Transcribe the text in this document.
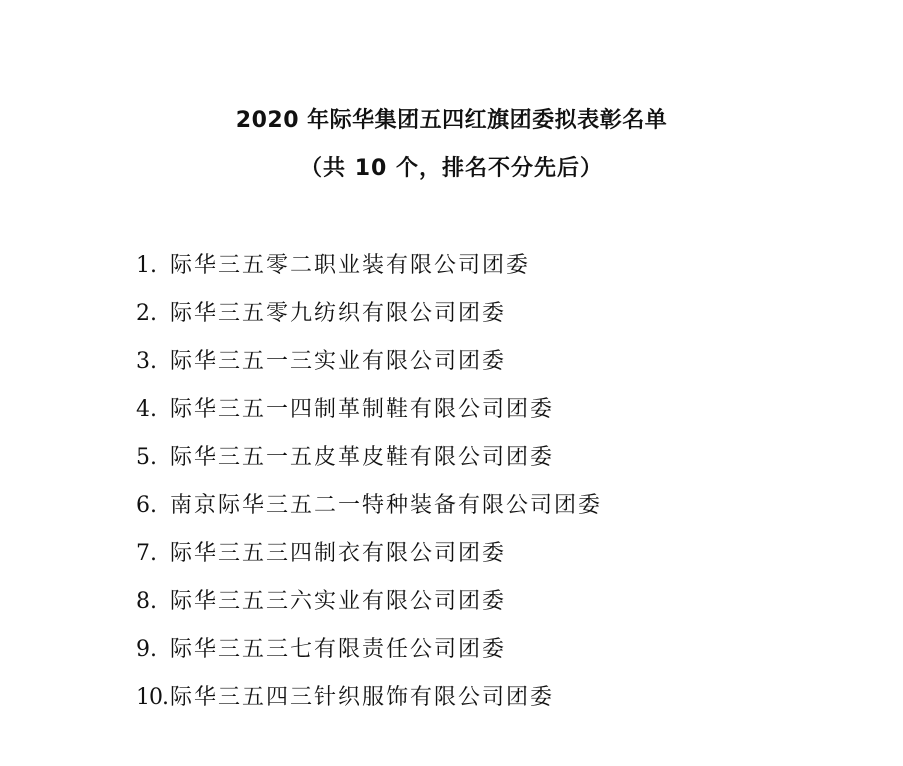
2020 年际华集团五四红旗团委拟表彰名单
（共 10 个，排名不分先后）
1. 际华三五零二职业装有限公司团委
2. 际华三五零九纺织有限公司团委
3. 际华三五一三实业有限公司团委
4. 际华三五一四制革制鞋有限公司团委
5. 际华三五一五皮革皮鞋有限公司团委
6. 南京际华三五二一特种装备有限公司团委
7. 际华三五三四制衣有限公司团委
8. 际华三五三六实业有限公司团委
9. 际华三五三七有限责任公司团委
10.际华三五四三针织服饰有限公司团委
